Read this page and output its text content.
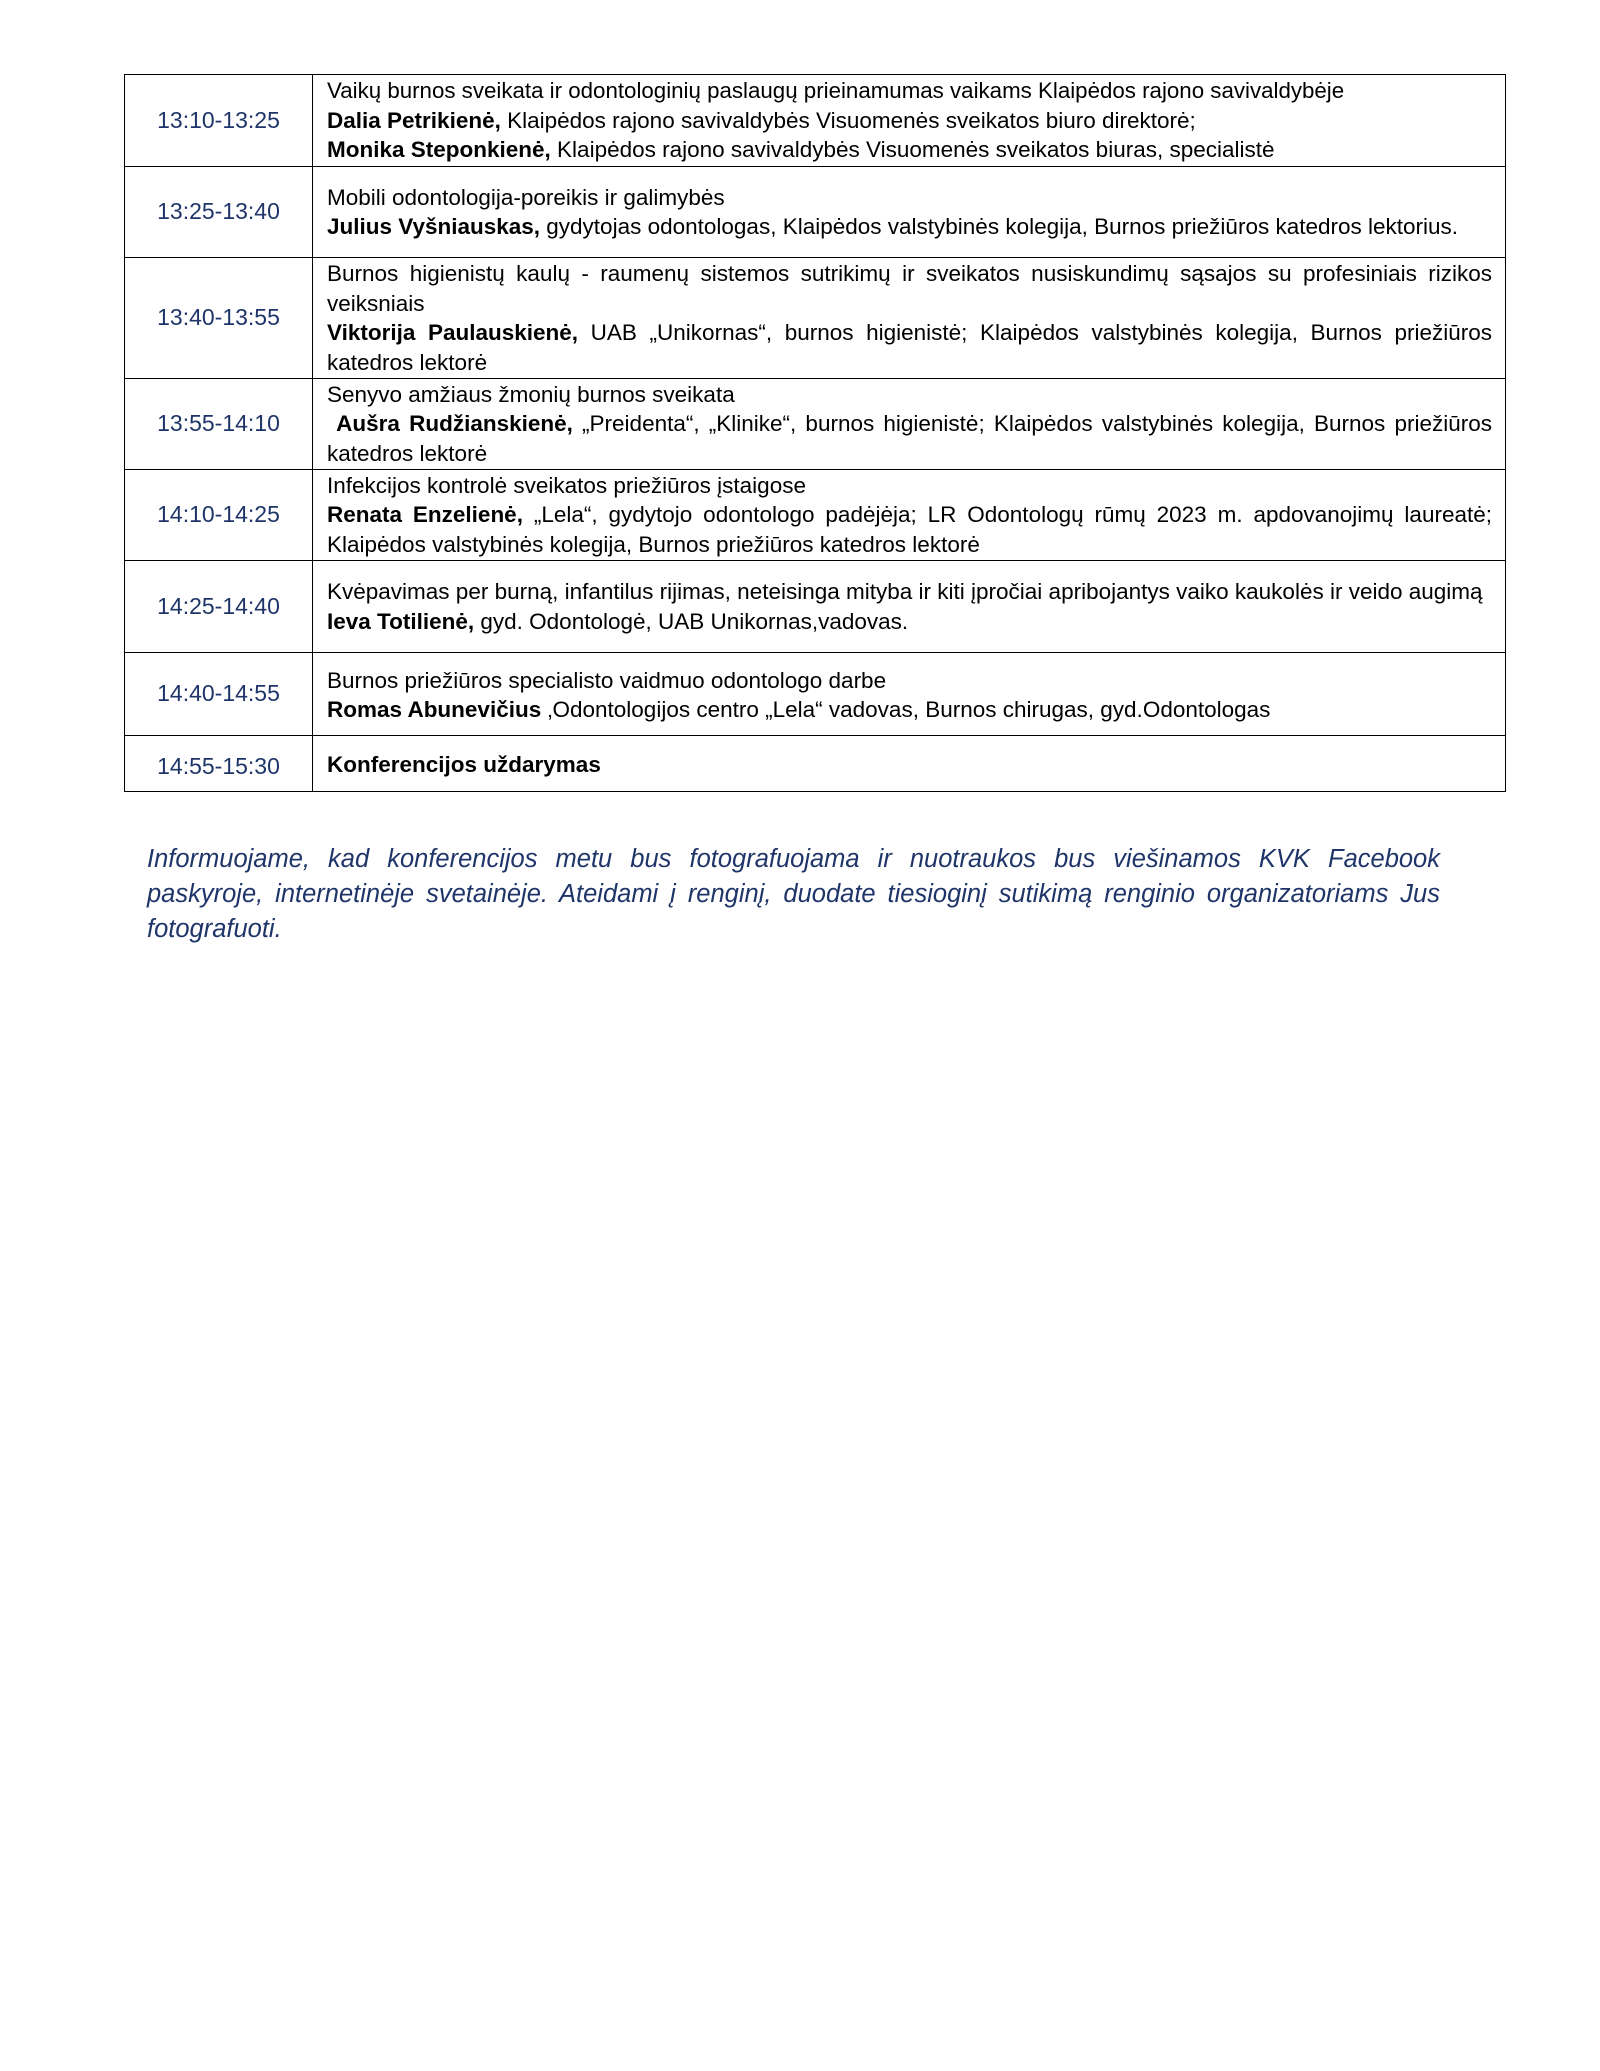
13:10-13:25	Vaikų burnos sveikata ir odontologinių paslaugų prieinamumas vaikams Klaipėdos rajono savivaldybėje
Dalia Petrikienė, Klaipėdos rajono savivaldybės Visuomenės sveikatos biuro direktorė;
Monika Steponkienė, Klaipėdos rajono savivaldybės Visuomenės sveikatos biuras, specialistė

13:25-13:40	Mobili odontologija-poreikis ir galimybės
Julius Vyšniauskas, gydytojas odontologas, Klaipėdos valstybinės kolegija, Burnos priežiūros katedros lektorius.

13:40-13:55	Burnos higienistų kaulų - raumenų sistemos sutrikimų ir sveikatos nusiskundimų sąsajos su profesiniais rizikos veiksniais
Viktorija Paulauskienė, UAB „Unikornas“, burnos higienistė; Klaipėdos valstybinės kolegija, Burnos priežiūros katedros lektorė

13:55-14:10	Senyvo amžiaus žmonių burnos sveikata
Aušra Rudžianskienė, „Preidenta“, „Klinike“, burnos higienistė; Klaipėdos valstybinės kolegija, Burnos priežiūros katedros lektorė

14:10-14:25	Infekcijos kontrolė sveikatos priežiūros įstaigose
Renata Enzelienė, „Lela“, gydytojo odontologo padėjėja; LR Odontologų rūmų 2023 m. apdovanojimų laureatė; Klaipėdos valstybinės kolegija, Burnos priežiūros katedros lektorė

14:25-14:40	Kvėpavimas per burną, infantilus rijimas, neteisinga mityba ir kiti įpročiai apribojantys vaiko kaukolės ir veido augimą
Ieva Totilienė, gyd. Odontologė, UAB Unikornas,vadovas.

14:40-14:55	Burnos priežiūros specialisto vaidmuo odontologo darbe
Romas Abunevičius ‚Odontologijos centro „Lela“ vadovas, Burnos chirugas, gyd.Odontologas

14:55-15:30	Konferencijos uždarymas

Informuojame, kad konferencijos metu bus fotografuojama ir nuotraukos bus viešinamos KVK Facebook paskyroje, internetinėje svetainėje. Ateidami į renginį, duodate tiesioginį sutikimą renginio organizatoriams Jus fotografuoti.
